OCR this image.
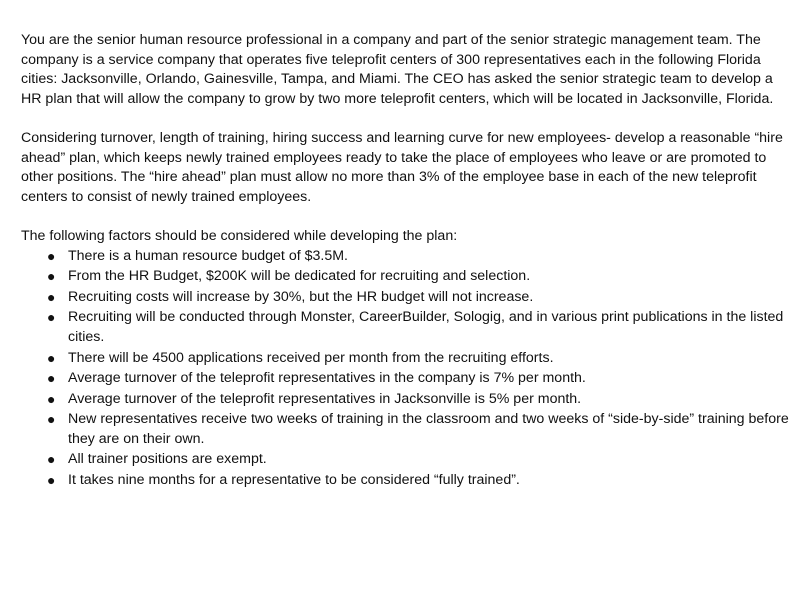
You are the senior human resource professional in a company and part of the senior strategic management team. The company is a service company that operates five teleprofit centers of 300 representatives each in the following Florida cities: Jacksonville, Orlando, Gainesville, Tampa, and Miami. The CEO has asked the senior strategic team to develop a HR plan that will allow the company to grow by two more teleprofit centers, which will be located in Jacksonville, Florida.

Considering turnover, length of training, hiring success and learning curve for new employees- develop a reasonable “hire ahead” plan, which keeps newly trained employees ready to take the place of employees who leave or are promoted to other positions. The “hire ahead” plan must allow no more than 3% of the employee base in each of the new teleprofit centers to consist of newly trained employees.

The following factors should be considered while developing the plan:

● There is a human resource budget of $3.5M.
● From the HR Budget, $200K will be dedicated for recruiting and selection.
● Recruiting costs will increase by 30%, but the HR budget will not increase.
● Recruiting will be conducted through Monster, CareerBuilder, Sologig, and in various print publications in the listed cities.
● There will be 4500 applications received per month from the recruiting efforts.
● Average turnover of the teleprofit representatives in the company is 7% per month.
● Average turnover of the teleprofit representatives in Jacksonville is 5% per month.
● New representatives receive two weeks of training in the classroom and two weeks of “side-by-side” training before they are on their own.
● All trainer positions are exempt.
● It takes nine months for a representative to be considered “fully trained”.
